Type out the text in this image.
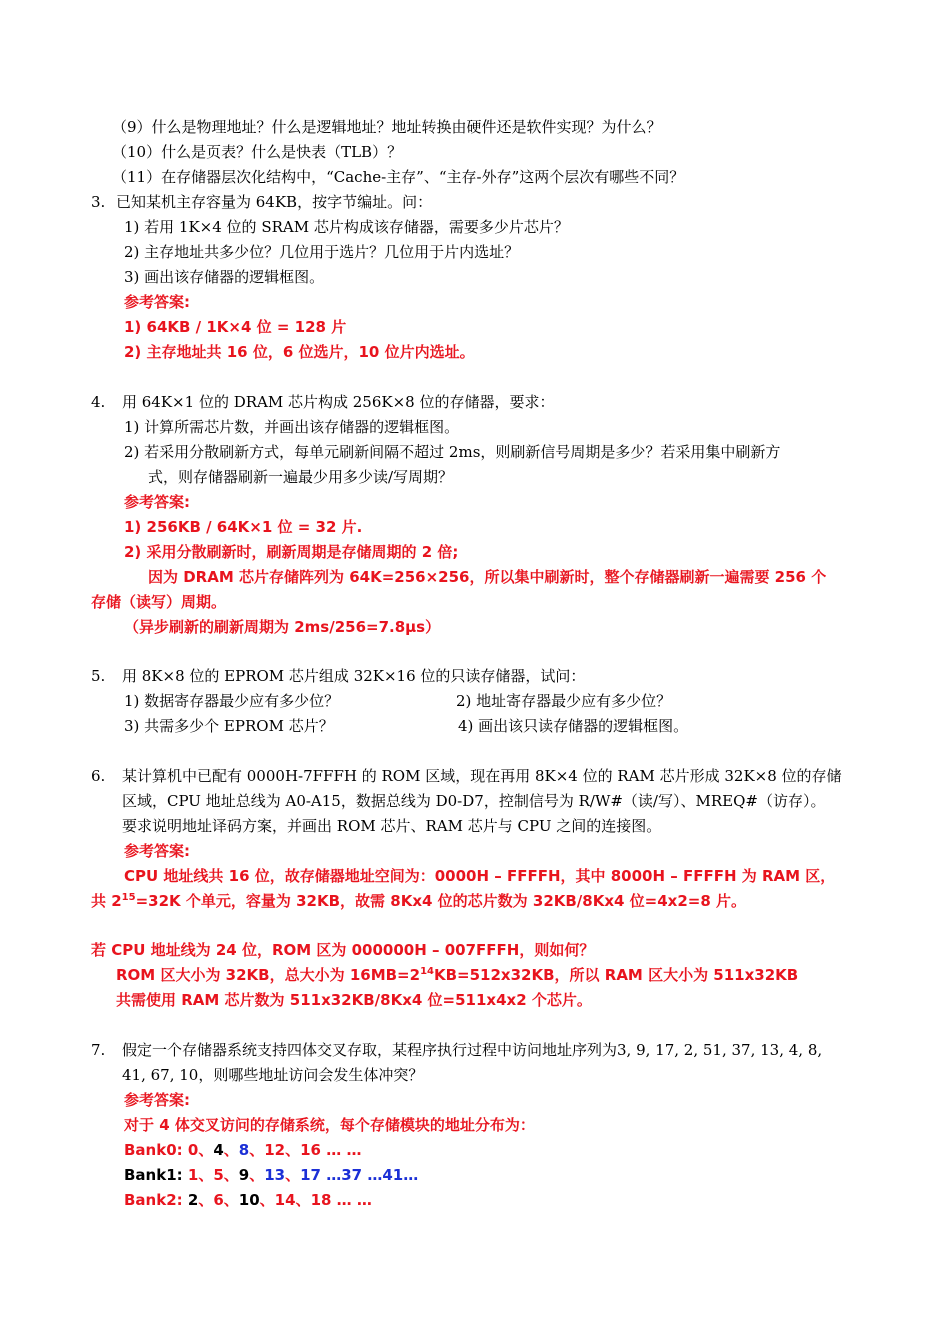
（9）什么是物理地址？什么是逻辑地址？地址转换由硬件还是软件实现？为什么？
（10）什么是页表？什么是快表（TLB）？
（11）在存储器层次化结构中，“Cache-主存”、“主存-外存”这两个层次有哪些不同？
3. 已知某机主存容量为 64KB，按字节编址。问：
1) 若用 1K×4 位的 SRAM 芯片构成该存储器，需要多少片芯片？
2) 主存地址共多少位？几位用于选片？几位用于片内选址？
3) 画出该存储器的逻辑框图。
参考答案:
1) 64KB / 1K×4 位 = 128 片
2) 主存地址共 16 位，6 位选片，10 位片内选址。
4. 用 64K×1 位的 DRAM 芯片构成 256K×8 位的存储器，要求：
1) 计算所需芯片数，并画出该存储器的逻辑框图。
2) 若采用分散刷新方式，每单元刷新间隔不超过 2ms，则刷新信号周期是多少？若采用集中刷新方
式，则存储器刷新一遍最少用多少读/写周期？
参考答案:
1) 256KB / 64K×1 位 = 32 片.
2) 采用分散刷新时，刷新周期是存储周期的 2 倍;
因为 DRAM 芯片存储阵列为 64K=256×256，所以集中刷新时，整个存储器刷新一遍需要 256 个
存储（读写）周期。
（异步刷新的刷新周期为 2ms/256=7.8μs）
5. 用 8K×8 位的 EPROM 芯片组成 32K×16 位的只读存储器，试问：
1) 数据寄存器最少应有多少位？	2) 地址寄存器最少应有多少位？
3) 共需多少个 EPROM 芯片？	4) 画出该只读存储器的逻辑框图。
6. 某计算机中已配有 0000H-7FFFH 的 ROM 区域，现在再用 8K×4 位的 RAM 芯片形成 32K×8 位的存储
区域，CPU 地址总线为 A0-A15，数据总线为 D0-D7，控制信号为 R/W#（读/写）、MREQ#（访存）。
要求说明地址译码方案，并画出 ROM 芯片、RAM 芯片与 CPU 之间的连接图。
参考答案:
CPU 地址线共 16 位，故存储器地址空间为：0000H – FFFFH，其中 8000H – FFFFH 为 RAM 区，
共 $2^{15}=32K$ 个单元，容量为 32KB，故需 8Kx4 位的芯片数为 32KB/8Kx4 位=4x2=8 片。
若 CPU 地址线为 24 位，ROM 区为 000000H – 007FFFH，则如何？
ROM 区大小为 32KB，总大小为 $16MB=2^{14}KB=512x32KB$，所以 RAM 区大小为 511x32KB
共需使用 RAM 芯片数为 511x32KB/8Kx4 位=511x4x2 个芯片。
7. 假定一个存储器系统支持四体交叉存取，某程序执行过程中访问地址序列为3, 9, 17, 2, 51, 37, 13, 4, 8,
41, 67, 10，则哪些地址访问会发生体冲突？
参考答案:
对于 4 体交叉访问的存储系统，每个存储模块的地址分布为：
Bank0: 0、4、8、12、16 … …
Bank1: 1、5、9、13、17 …37 …41…
Bank2: 2、6、10、14、18 … …
